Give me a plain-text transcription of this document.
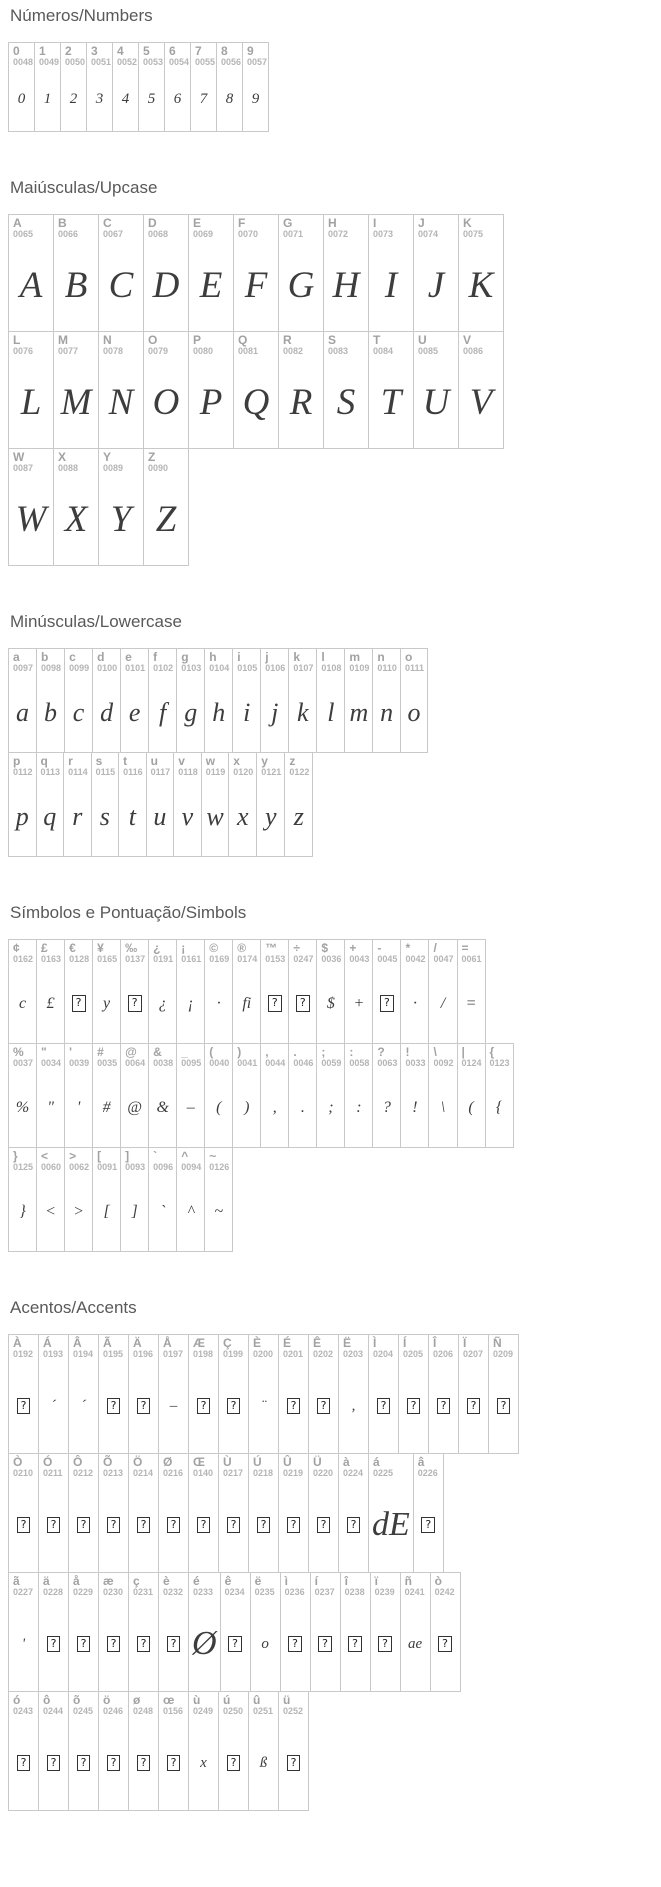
Números/Numbers
0
0048
0
1
0049
1
2
0050
2
3
0051
3
4
0052
4
5
0053
5
6
0054
6
7
0055
7
8
0056
8
9
0057
9
Maiúsculas/Upcase
A
0065
A
B
0066
B
C
0067
C
D
0068
D
E
0069
E
F
0070
F
G
0071
G
H
0072
H
I
0073
I
J
0074
J
K
0075
K
L
0076
L
M
0077
M
N
0078
N
O
0079
O
P
0080
P
Q
0081
Q
R
0082
R
S
0083
S
T
0084
T
U
0085
U
V
0086
V
W
0087
W
X
0088
X
Y
0089
Y
Z
0090
Z
Minúsculas/Lowercase
a
0097
a
b
0098
b
c
0099
c
d
0100
d
e
0101
e
f
0102
f
g
0103
g
h
0104
h
i
0105
i
j
0106
j
k
0107
k
l
0108
l
m
0109
m
n
0110
n
o
0111
o
p
0112
p
q
0113
q
r
0114
r
s
0115
s
t
0116
t
u
0117
u
v
0118
v
w
0119
w
x
0120
x
y
0121
y
z
0122
z
Símbolos e Pontuação/Simbols
¢
0162
c
£
0163
£
€
0128
?
¥
0165
y
‰
0137
?
¿
0191
¿
¡
0161
¡
©
0169
·
®
0174
fi
™
0153
?
÷
0247
?
$
0036
$
+
0043
+
-
0045
?
*
0042
·
/
0047
/
=
0061
=
%
0037
%
"
0034
"
'
0039
'
#
0035
#
@
0064
@
&
0038
&
_
0095
–
(
0040
(
)
0041
)
,
0044
,
.
0046
.
;
0059
;
:
0058
:
?
0063
?
!
0033
!
\
0092
\
|
0124
(
{
0123
{
}
0125
}
<
0060
<
>
0062
>
[
0091
[
]
0093
]
`
0096
`
^
0094
^
~
0126
~
Acentos/Accents
À
0192
?
Á
0193
´
Â
0194
´
Ã
0195
?
Ä
0196
?
Å
0197
–
Æ
0198
?
Ç
0199
?
È
0200
¨
É
0201
?
Ê
0202
?
Ë
0203
,
Ì
0204
?
Í
0205
?
Î
0206
?
Ï
0207
?
Ñ
0209
?
Ò
0210
?
Ó
0211
?
Ô
0212
?
Õ
0213
?
Ö
0214
?
Ø
0216
?
Œ
0140
?
Ù
0217
?
Ú
0218
?
Û
0219
?
Ü
0220
?
à
0224
?
á
0225
dE
â
0226
?
ã
0227
'
ä
0228
?
å
0229
?
æ
0230
?
ç
0231
?
è
0232
?
é
0233
Ø
ê
0234
?
ë
0235
o
ì
0236
?
í
0237
?
î
0238
?
ï
0239
?
ñ
0241
ae
ò
0242
?
ó
0243
?
ô
0244
?
õ
0245
?
ö
0246
?
ø
0248
?
œ
0156
?
ù
0249
x
ú
0250
?
û
0251
ß
ü
0252
?
